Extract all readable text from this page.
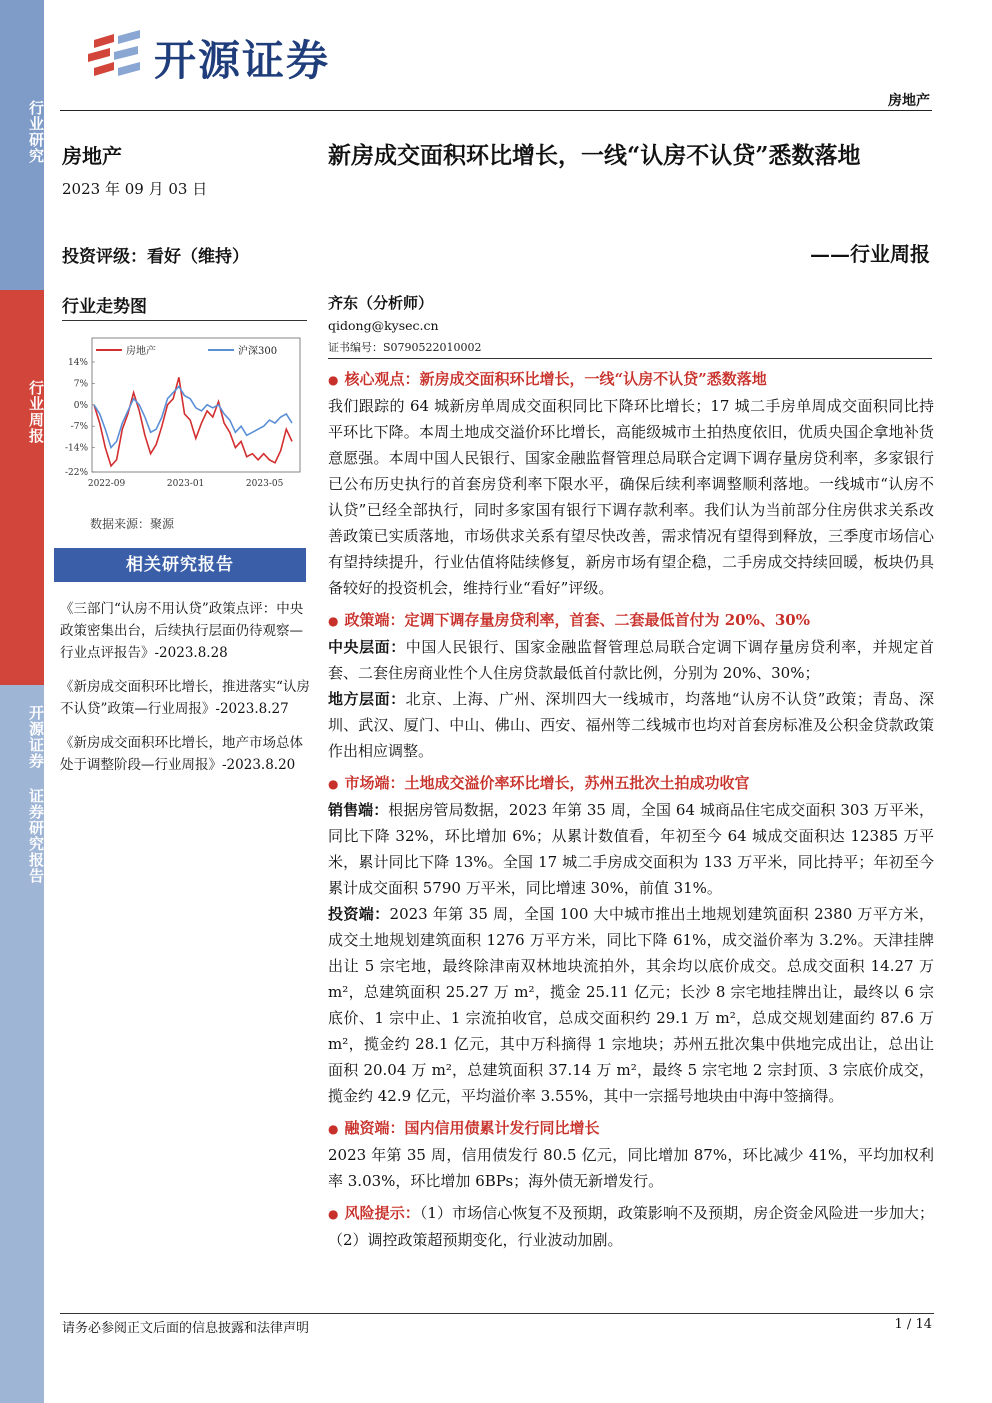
行业研究
行业周报
开源证券 证券研究报告
开源证券
房地产
房地产
2023 年 09 月 03 日
投资评级：看好（维持）
行业走势图
14%
7%
0%
-7%
-14%
-22%
2022-09	2023-01	2023-05
房地产	沪深300
数据来源：聚源
相关研究报告

《三部门“认房不用认贷”政策点评：中央政策密集出台，后续执行层面仍待观察—行业点评报告》-2023.8.28

《新房成交面积环比增长，推进落实“认房不认贷”政策—行业周报》-2023.8.27

《新房成交面积环比增长，地产市场总体处于调整阶段—行业周报》-2023.8.20

新房成交面积环比增长，一线“认房不认贷”悉数落地
——行业周报
齐东（分析师）
qidong@kysec.cn
证书编号：S0790522010002

● 核心观点：新房成交面积环比增长，一线“认房不认贷”悉数落地

我们跟踪的 64 城新房单周成交面积同比下降环比增长；17 城二手房单周成交面积同比持平环比下降。本周土地成交溢价环比增长，高能级城市土拍热度依旧，优质央国企拿地补货意愿强。本周中国人民银行、国家金融监督管理总局联合定调下调存量房贷利率，多家银行已公布历史执行的首套房贷利率下限水平，确保后续利率调整顺利落地。一线城市“认房不认贷”已经全部执行，同时多家国有银行下调存款利率。我们认为当前部分住房供求关系改善政策已实质落地，市场供求关系有望尽快改善，需求情况有望得到释放，三季度市场信心有望持续提升，行业估值将陆续修复，新房市场有望企稳，二手房成交持续回暖，板块仍具备较好的投资机会，维持行业“看好”评级。

● 政策端：定调下调存量房贷利率，首套、二套最低首付为 20%、30%

中央层面：中国人民银行、国家金融监督管理总局联合定调下调存量房贷利率，并规定首套、二套住房商业性个人住房贷款最低首付款比例，分别为 20%、30%；

地方层面：北京、上海、广州、深圳四大一线城市，均落地“认房不认贷”政策；青岛、深圳、武汉、厦门、中山、佛山、西安、福州等二线城市也均对首套房标准及公积金贷款政策作出相应调整。

● 市场端：土地成交溢价率环比增长，苏州五批次土拍成功收官

销售端：根据房管局数据，2023 年第 35 周，全国 64 城商品住宅成交面积 303 万平米，同比下降 32%，环比增加 6%；从累计数值看，年初至今 64 城成交面积达 12385 万平米，累计同比下降 13%。全国 17 城二手房成交面积为 133 万平米，同比持平；年初至今累计成交面积 5790 万平米，同比增速 30%，前值 31%。

投资端：2023 年第 35 周，全国 100 大中城市推出土地规划建筑面积 2380 万平方米，成交土地规划建筑面积 1276 万平方米，同比下降 61%，成交溢价率为 3.2%。天津挂牌出让 5 宗宅地，最终除津南双林地块流拍外，其余均以底价成交。总成交面积 14.27 万 m²，总建筑面积 25.27 万 m²，揽金 25.11 亿元；长沙 8 宗宅地挂牌出让，最终以 6 宗底价、1 宗中止、1 宗流拍收官，总成交面积约 29.1 万 m²，总成交规划建面约 87.6 万 m²，揽金约 28.1 亿元，其中万科摘得 1 宗地块；苏州五批次集中供地完成出让，总出让面积 20.04 万 m²，总建筑面积 37.14 万 m²，最终 5 宗宅地 2 宗封顶、3 宗底价成交，揽金约 42.9 亿元，平均溢价率 3.55%，其中一宗摇号地块由中海中签摘得。

● 融资端：国内信用债累计发行同比增长

2023 年第 35 周，信用债发行 80.5 亿元，同比增加 87%，环比减少 41%，平均加权利率 3.03%，环比增加 6BPs；海外债无新增发行。

● 风险提示：（1）市场信心恢复不及预期，政策影响不及预期，房企资金风险进一步加大；（2）调控政策超预期变化，行业波动加剧。

请务必参阅正文后面的信息披露和法律声明	1 / 14
